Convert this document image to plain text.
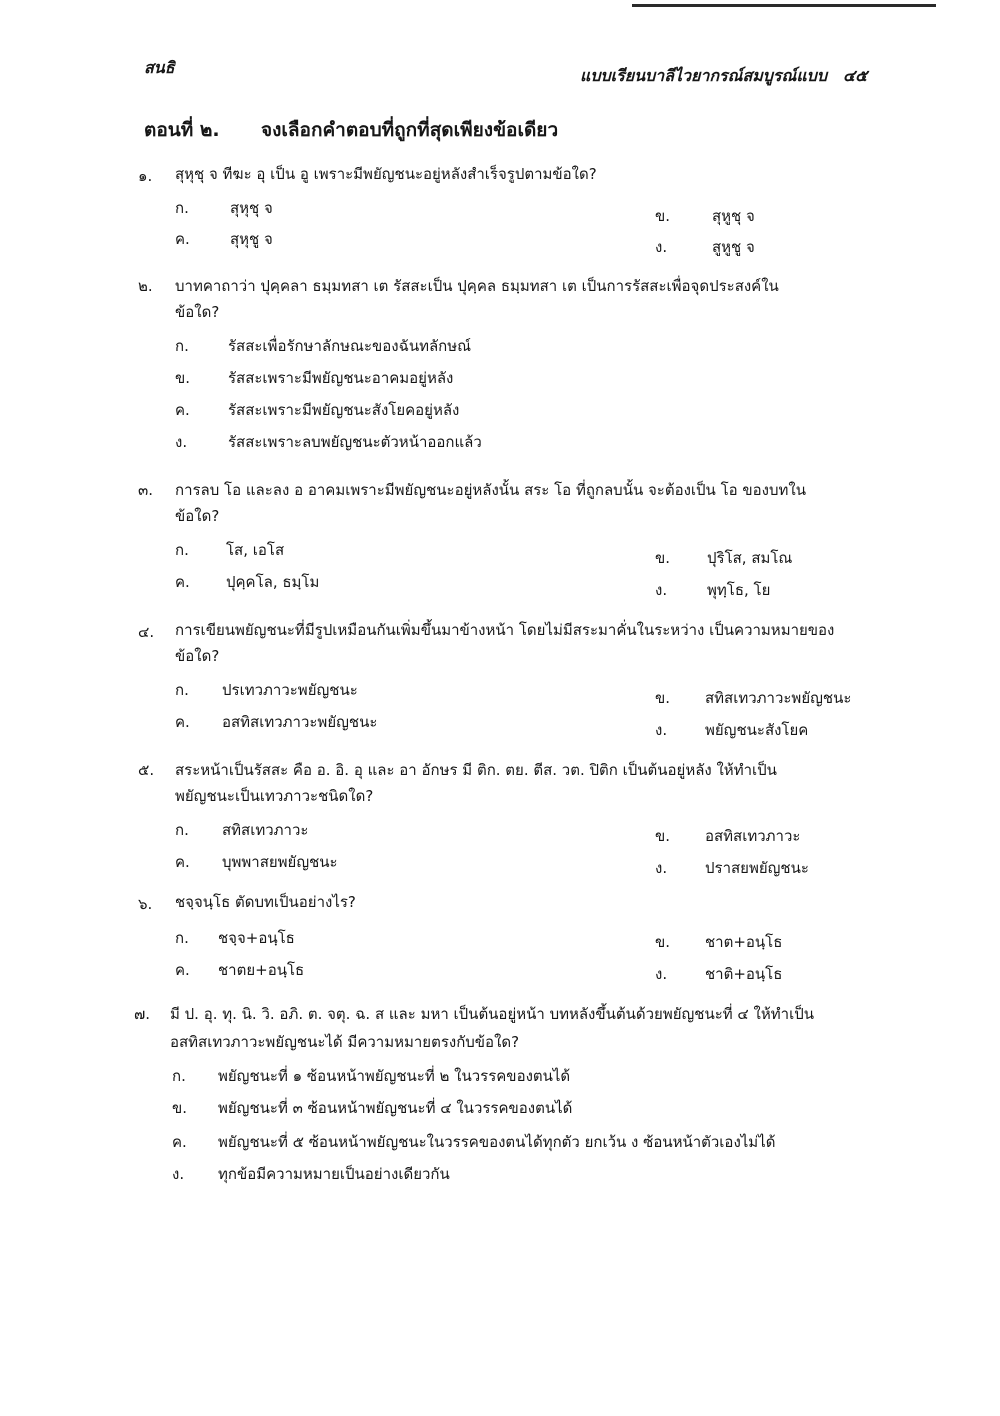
สนธิ	แบบเรียนบาลีไวยากรณ์สมบูรณ์แบบ ๔๕
ตอนที่ ๒. จงเลือกคำตอบที่ถูกที่สุดเพียงข้อเดียว
๑. สุหุชุ จ ทีฆะ อุ เป็น อู เพราะมีพยัญชนะอยู่หลังสำเร็จรูปตามข้อใด?
ก.	สุหุชุ จ	ข.	สุหูชุ จ
ค.	สุหุชู จ	ง.	สูหูชู จ
๒. บาทคาถาว่า ปุคฺคลา ธมฺมทสา เต รัสสะเป็น ปุคฺคล ธมฺมทสา เต เป็นการรัสสะเพื่อจุดประสงค์ใน
ข้อใด?
ก.	รัสสะเพื่อรักษาลักษณะของฉันทลักษณ์
ข.	รัสสะเพราะมีพยัญชนะอาคมอยู่หลัง
ค.	รัสสะเพราะมีพยัญชนะสังโยคอยู่หลัง
ง.	รัสสะเพราะลบพยัญชนะตัวหน้าออกแล้ว
๓. การลบ โอ และลง อ อาคมเพราะมีพยัญชนะอยู่หลังนั้น สระ โอ ที่ถูกลบนั้น จะต้องเป็น โอ ของบทใน
ข้อใด?
ก. โส, เอโส	ข. ปุริโส, สมโณ
ค. ปุคฺคโล, ธมฺโม	ง.	พุทฺโธ, โย
๔. การเขียนพยัญชนะที่มีรูปเหมือนกันเพิ่มขึ้นมาข้างหน้า โดยไม่มีสระมาคั่นในระหว่าง เป็นความหมายของ
ข้อใด?
ก. ปรเทวภาวะพยัญชนะ	ข. สทิสเทวภาวะพยัญชนะ
ค. อสทิสเทวภาวะพยัญชนะ	ง.	พยัญชนะสังโยค
๕. สระหน้าเป็นรัสสะ คือ อ. อิ. อุ และ อา อักษร มี ติก. ตย. ตีส. วต. ปิติก เป็นต้นอยู่หลัง ให้ทำเป็น
พยัญชนะเป็นเทวภาวะชนิดใด?
ก. สทิสเทวภาวะ	ข. อสทิสเทวภาวะ
ค. บุพพาสยพยัญชนะ	ง.	ปราสยพยัญชนะ
๖. ชจฺจนฺโธ ตัดบทเป็นอย่างไร?
ก. ชจฺจ+อนฺโธ	ข. ชาต+อนฺโธ
ค. ชาตย+อนฺโธ	ง.	ชาติ+อนฺโธ
๗. มี ป. อุ. ทุ. นิ. วิ. อภิ. ต. จตุ. ฉ. ส และ มหา เป็นต้นอยู่หน้า บทหลังขึ้นต้นด้วยพยัญชนะที่ ๔ ให้ทำเป็น
อสทิสเทวภาวะพยัญชนะได้ มีความหมายตรงกับข้อใด?
ก. พยัญชนะที่ ๑ ซ้อนหน้าพยัญชนะที่ ๒ ในวรรคของตนได้
ข. พยัญชนะที่ ๓ ซ้อนหน้าพยัญชนะที่ ๔ ในวรรคของตนได้
ค. พยัญชนะที่ ๕ ซ้อนหน้าพยัญชนะในวรรคของตนได้ทุกตัว ยกเว้น ง ซ้อนหน้าตัวเองไม่ได้
ง. ทุกข้อมีความหมายเป็นอย่างเดียวกัน
